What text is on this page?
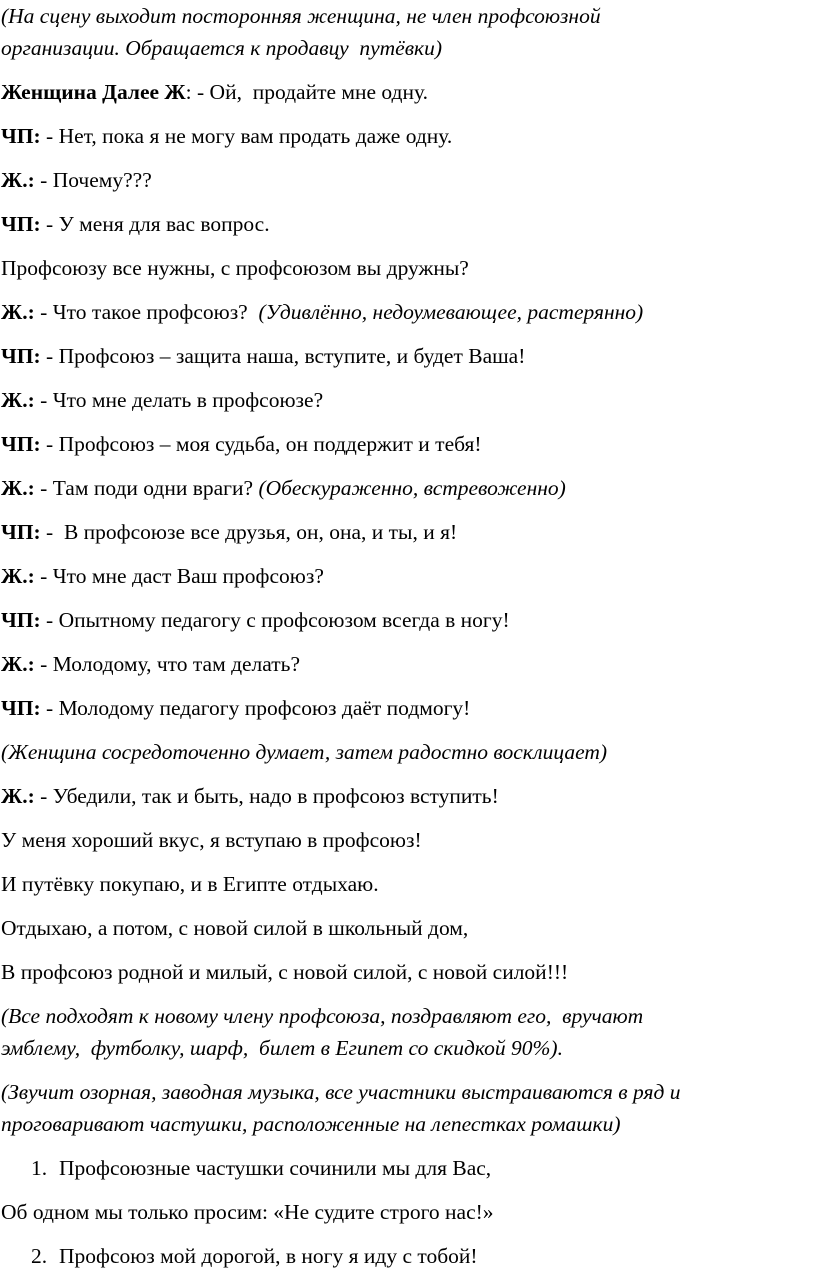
(На сцену выходит посторонняя женщина, не член профсоюзной
организации. Обращается к продавцу  путёвки)
Женщина Далее Ж: - Ой,  продайте мне одну.
ЧП: - Нет, пока я не могу вам продать даже одну.
Ж.: - Почему???
ЧП: - У меня для вас вопрос.
Профсоюзу все нужны, с профсоюзом вы дружны?
Ж.: - Что такое профсоюз?  (Удивлённо, недоумевающее, растерянно)
ЧП: - Профсоюз – защита наша, вступите, и будет Ваша!
Ж.: - Что мне делать в профсоюзе?
ЧП: - Профсоюз – моя судьба, он поддержит и тебя!
Ж.: - Там поди одни враги? (Обескураженно, встревоженно)
ЧП: -  В профсоюзе все друзья, он, она, и ты, и я!
Ж.: - Что мне даст Ваш профсоюз?
ЧП: - Опытному педагогу с профсоюзом всегда в ногу!
Ж.: - Молодому, что там делать?
ЧП: - Молодому педагогу профсоюз даёт подмогу!
(Женщина сосредоточенно думает, затем радостно восклицает)
Ж.: - Убедили, так и быть, надо в профсоюз вступить!
У меня хороший вкус, я вступаю в профсоюз!
И путёвку покупаю, и в Египте отдыхаю.
Отдыхаю, а потом, с новой силой в школьный дом,
В профсоюз родной и милый, с новой силой, с новой силой!!!
(Все подходят к новому члену профсоюза, поздравляют его,  вручают
эмблему,  футболку, шарф,  билет в Египет со скидкой 90%).
(Звучит озорная, заводная музыка, все участники выстраиваются в ряд и
проговаривают частушки, расположенные на лепестках ромашки)
1. Профсоюзные частушки сочинили мы для Вас,
Об одном мы только просим: «Не судите строго нас!»
2. Профсоюз мой дорогой, в ногу я иду с тобой!
